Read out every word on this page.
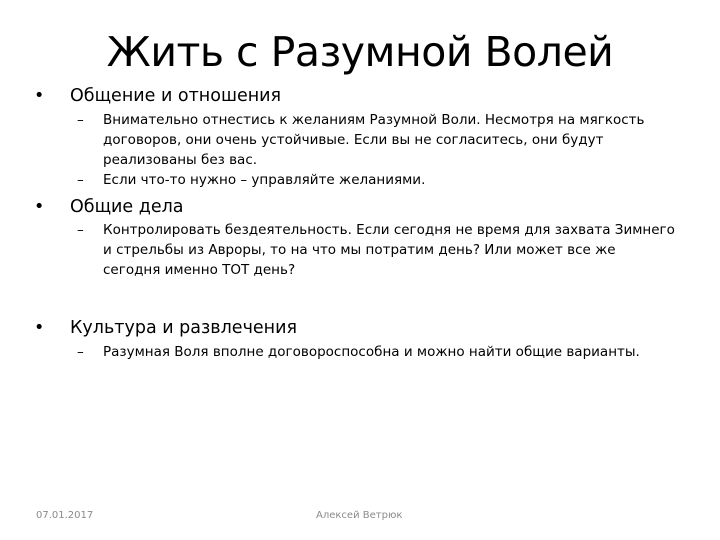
Жить с Разумной Волей
• Общение и отношения
– Внимательно отнестись к желаниям Разумной Воли. Несмотря на мягкость договоров, они очень устойчивые. Если вы не согласитесь, они будут реализованы без вас.
– Если что-то нужно – управляйте желаниями.
• Общие дела
– Контролировать бездеятельность. Если сегодня не время для захвата Зимнего и стрельбы из Авроры, то на что мы потратим день? Или может все же сегодня именно ТОТ день?
• Культура и развлечения
– Разумная Воля вполне договороспособна и можно найти общие варианты.
07.01.2017	Алексей Ветрюк
